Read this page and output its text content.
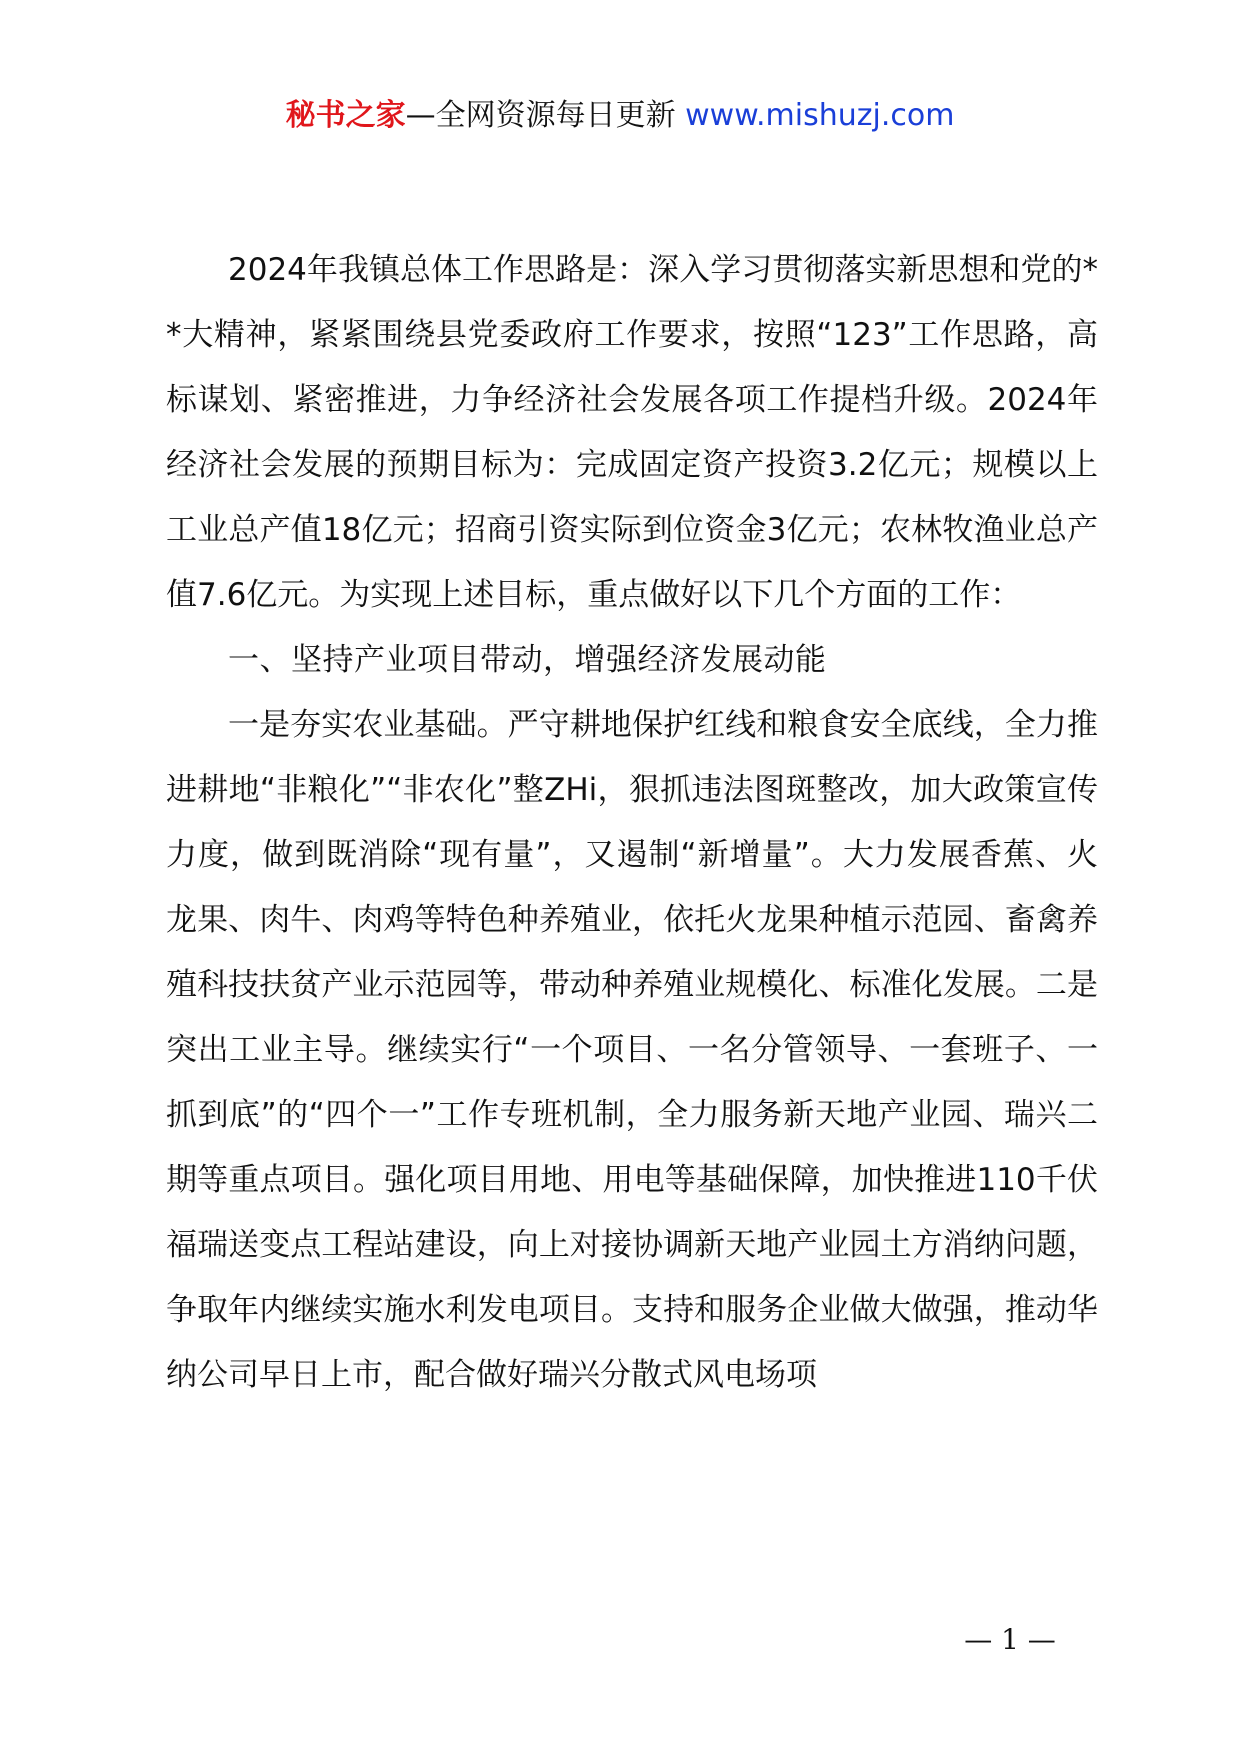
秘书之家—全网资源每日更新 www.mishuzj.com

2024年我镇总体工作思路是：深入学习贯彻落实新思想和党的**大精神，紧紧围绕县党委政府工作要求，按照“123”工作思路，高标谋划、紧密推进，力争经济社会发展各项工作提档升级。2024年经济社会发展的预期目标为：完成固定资产投资3.2亿元；规模以上工业总产值18亿元；招商引资实际到位资金3亿元；农林牧渔业总产值7.6亿元。为实现上述目标，重点做好以下几个方面的工作：

一、坚持产业项目带动，增强经济发展动能

一是夯实农业基础。严守耕地保护红线和粮食安全底线，全力推进耕地“非粮化”“非农化”整ZHi，狠抓违法图斑整改，加大政策宣传力度，做到既消除“现有量”，又遏制“新增量”。大力发展香蕉、火龙果、肉牛、肉鸡等特色种养殖业，依托火龙果种植示范园、畜禽养殖科技扶贫产业示范园等，带动种养殖业规模化、标准化发展。二是突出工业主导。继续实行“一个项目、一名分管领导、一套班子、一抓到底”的“四个一”工作专班机制，全力服务新天地产业园、瑞兴二期等重点项目。强化项目用地、用电等基础保障，加快推进110千伏福瑞送变点工程站建设，向上对接协调新天地产业园土方消纳问题，争取年内继续实施水利发电项目。支持和服务企业做大做强，推动华纳公司早日上市，配合做好瑞兴分散式风电场项

— 1 —
